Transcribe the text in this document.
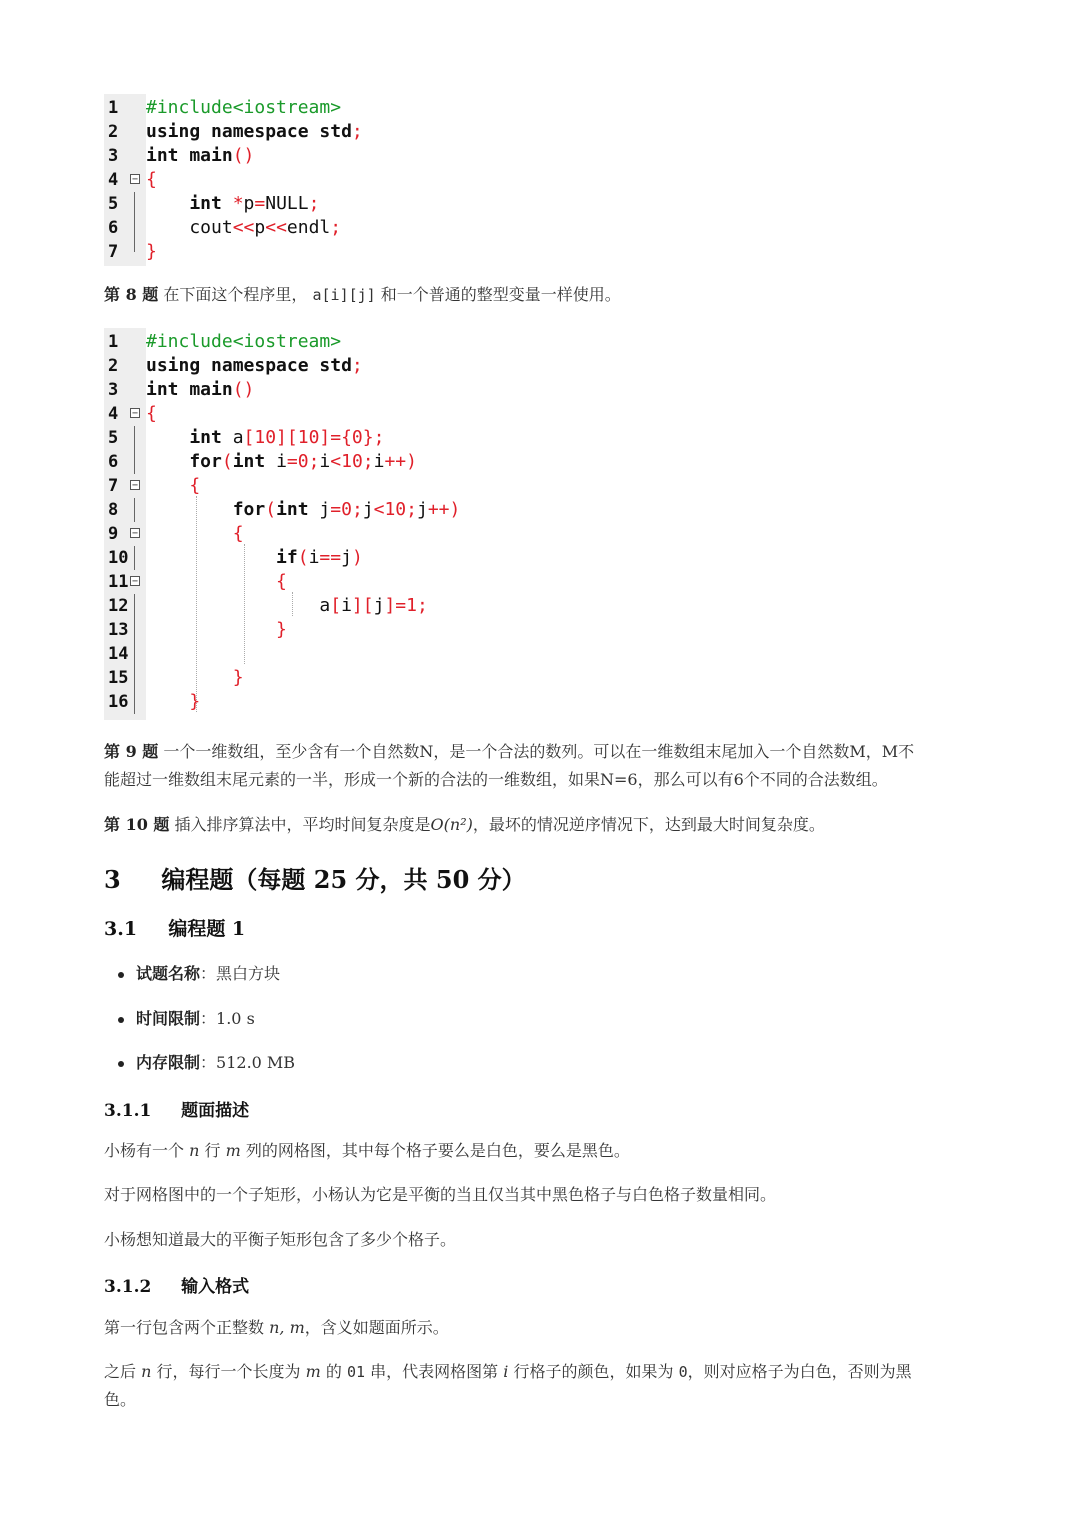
1	#include<iostream>
2	using namespace std;
3	int main()
4	− {
5	int *p=NULL;
6	cout<<p<<endl;
7	}
第 8 题 在下面这个程序里， a[i][j] 和一个普通的整型变量一样使用。
1	#include<iostream>
2	using namespace std;
3	int main()
4	− {
5	int a[10][10]={0};
6	for(int i=0;i<10;i++)
7	− {
8	for(int j=0;j<10;j++)
9	− {
10 if(i==j)
11 − {
12 a[i][j]=1;
13 }
14
15 }
16 }
第 9 题 一个一维数组，至少含有一个自然数N，是一个合法的数列。可以在一维数组末尾加入一个自然数M，M不
能超过一维数组末尾元素的一半，形成一个新的合法的一维数组，如果N=6，那么可以有6个不同的合法数组。
第 10 题 插入排序算法中，平均时间复杂度是O(n²)，最坏的情况逆序情况下，达到最大时间复杂度。
3 编程题（每题 25 分，共 50 分）
3.1 编程题 1
试题名称：黑白方块
时间限制：1.0 s
内存限制：512.0 MB
3.1.1 题面描述
小杨有一个 n 行 m 列的网格图，其中每个格子要么是白色，要么是黑色。
对于网格图中的一个子矩形，小杨认为它是平衡的当且仅当其中黑色格子与白色格子数量相同。
小杨想知道最大的平衡子矩形包含了多少个格子。
3.1.2 输入格式
第一行包含两个正整数 n, m，含义如题面所示。
之后 n 行，每行一个长度为 m 的 01 串，代表网格图第 i 行格子的颜色，如果为 0，则对应格子为白色，否则为黑
色。
